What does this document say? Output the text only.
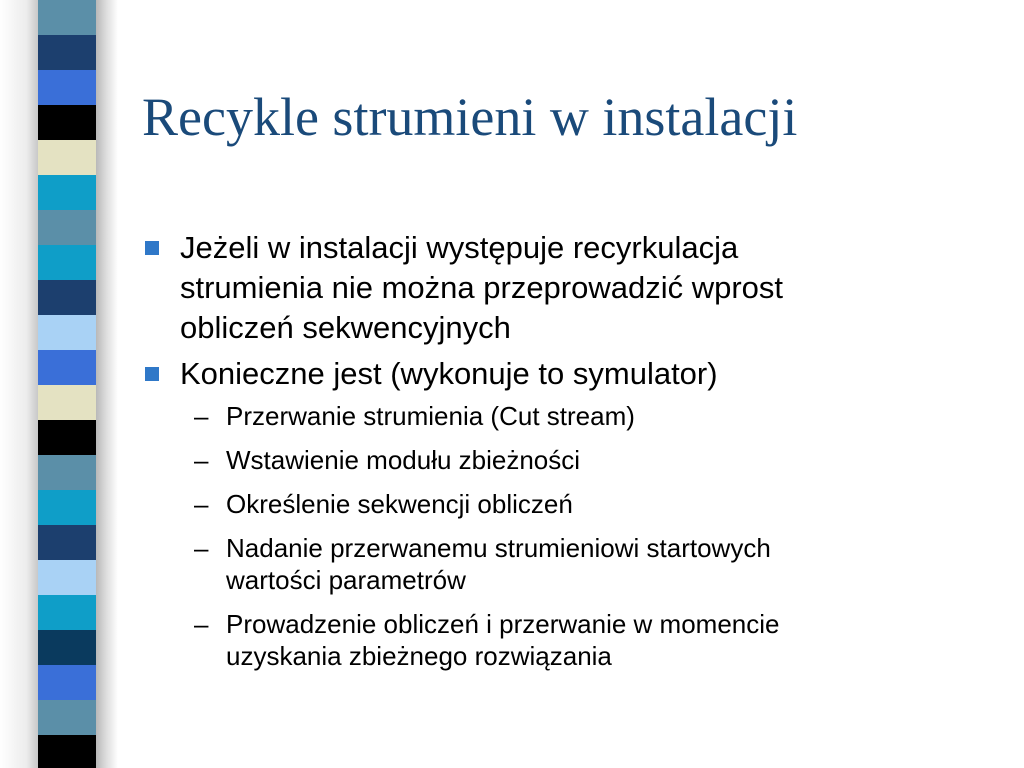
Recykle strumieni w instalacji
Jeżeli w instalacji występuje recyrkulacja
strumienia nie można przeprowadzić wprost
obliczeń sekwencyjnych
Konieczne jest (wykonuje to symulator)
– Przerwanie strumienia (Cut stream)
– Wstawienie modułu zbieżności
– Określenie sekwencji obliczeń
– Nadanie przerwanemu strumieniowi startowych
wartości parametrów
– Prowadzenie obliczeń i przerwanie w momencie
uzyskania zbieżnego rozwiązania
